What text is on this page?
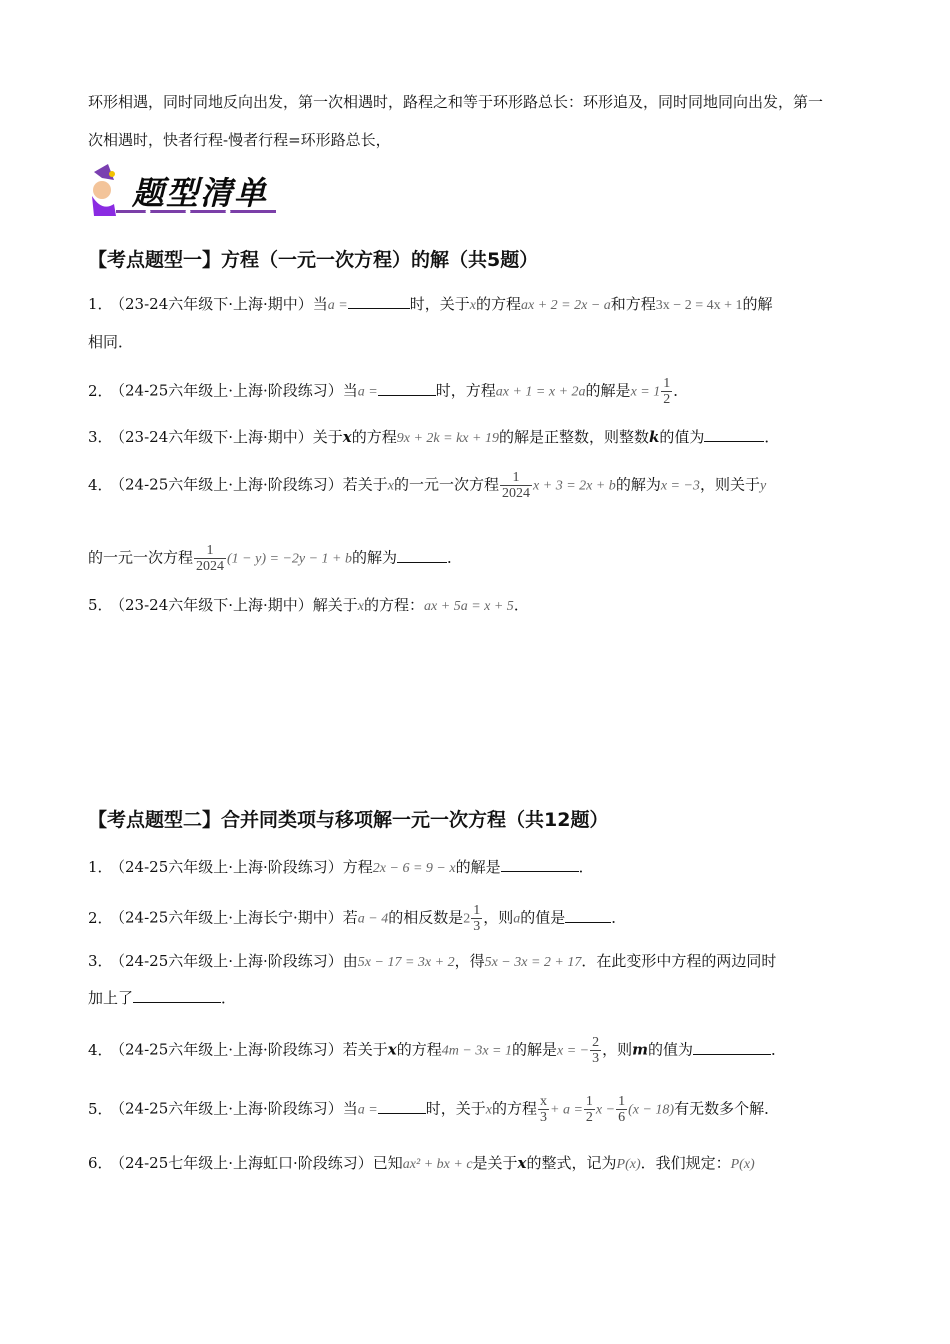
环形相遇，同时同地反向出发，第一次相遇时，路程之和等于环形路总长：环形追及，同时同地同向出发，第一
次相遇时，快者行程-慢者行程=环形路总长，
题型清单
【考点题型一】方程（一元一次方程）的解（共5题）
1．（23-24六年级下·上海·期中）当a =	时，关于x的方程ax + 2 = 2x − a和方程3x − 2 = 4x + 1的解
相同．
2．（24-25六年级上·上海·阶段练习）当a =	时，方程ax + 1 = x + 2a的解是$x = 1 \frac{1}{2}$ ．
3．（23-24六年级下·上海·期中）关于x的方程9x + 2k = kx + 19的解是正整数，则整数k的值为	．
4．（24-25六年级上·上海·阶段练习）若关于x的一元一次方程 $\frac{1}{2024}$ x + 3 = 2x + b的解为x = −3，则关于y
的一元一次方程 $\frac{1}{2024} (1 - y) = -2y - 1 + b$的解为	．
5．（23-24六年级下·上海·期中）解关于x的方程：ax + 5a = x + 5．
【考点题型二】合并同类项与移项解一元一次方程（共12题）
1．（24-25六年级上·上海·阶段练习）方程2x − 6 = 9 − x的解是	．
2．（24-25六年级上·上海长宁·期中）若a − 4的相反数是$2 \frac{1}{3}$ ，则a的值是	．
3．（24-25六年级上·上海·阶段练习）由5x − 17 = 3x + 2，得5x − 3x = 2 + 17．在此变形中方程的两边同时
加上了	．
4．（24-25六年级上·上海·阶段练习）若关于x的方程4m − 3x = 1的解是x = − $\frac{2}{3}$ ，则m的值为	．
5．（24-25六年级上·上海·阶段练习）当a =	时，关于x的方程 $\frac{x}{3} + a = \frac{1}{2}$ $x - \frac{1}{6} (x - 18)$有无数多个解．
6．（24-25七年级上·上海虹口·阶段练习）已知ax² + bx + c是关于x的整式，记为P(x)．我们规定：P(x)
